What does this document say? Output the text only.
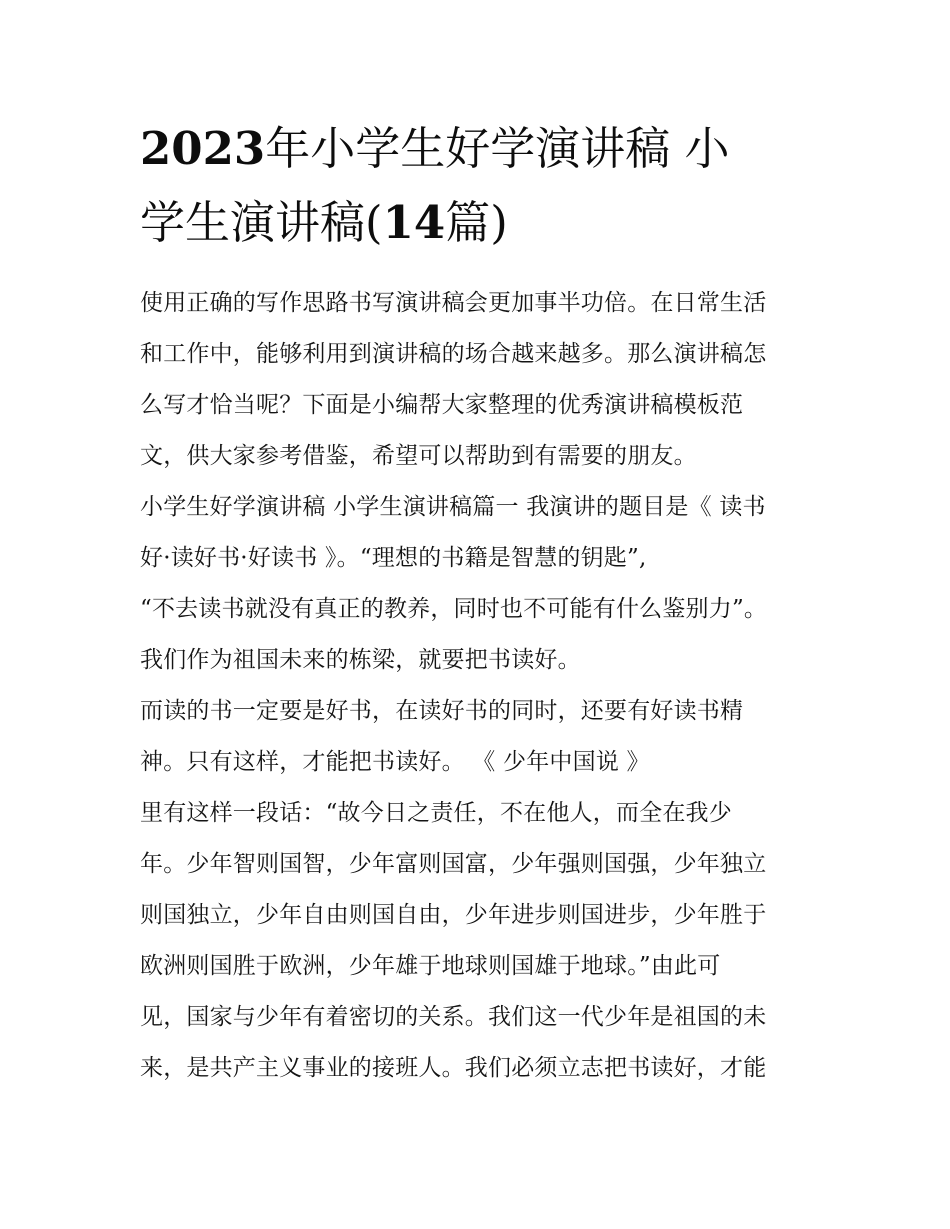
2023年小学生好学演讲稿 小
学生演讲稿(14篇)
使用正确的写作思路书写演讲稿会更加事半功倍。在日常生活
和工作中，能够利用到演讲稿的场合越来越多。那么演讲稿怎
么写才恰当呢？下面是小编帮大家整理的优秀演讲稿模板范
文，供大家参考借鉴，希望可以帮助到有需要的朋友。
小学生好学演讲稿 小学生演讲稿篇一 我演讲的题目是《 读书
好·读好书·好读书 》。“理想的书籍是智慧的钥匙”,
“不去读书就没有真正的教养，同时也不可能有什么鉴别力”。
我们作为祖国未来的栋梁，就要把书读好。
而读的书一定要是好书，在读好书的同时，还要有好读书精
神。只有这样，才能把书读好。 《 少年中国说 》
里有这样一段话：“故今日之责任，不在他人，而全在我少
年。少年智则国智，少年富则国富，少年强则国强，少年独立
则国独立，少年自由则国自由，少年进步则国进步，少年胜于
欧洲则国胜于欧洲，少年雄于地球则国雄于地球。”由此可
见，国家与少年有着密切的关系。我们这一代少年是祖国的未
来，是共产主义事业的接班人。我们必须立志把书读好，才能
